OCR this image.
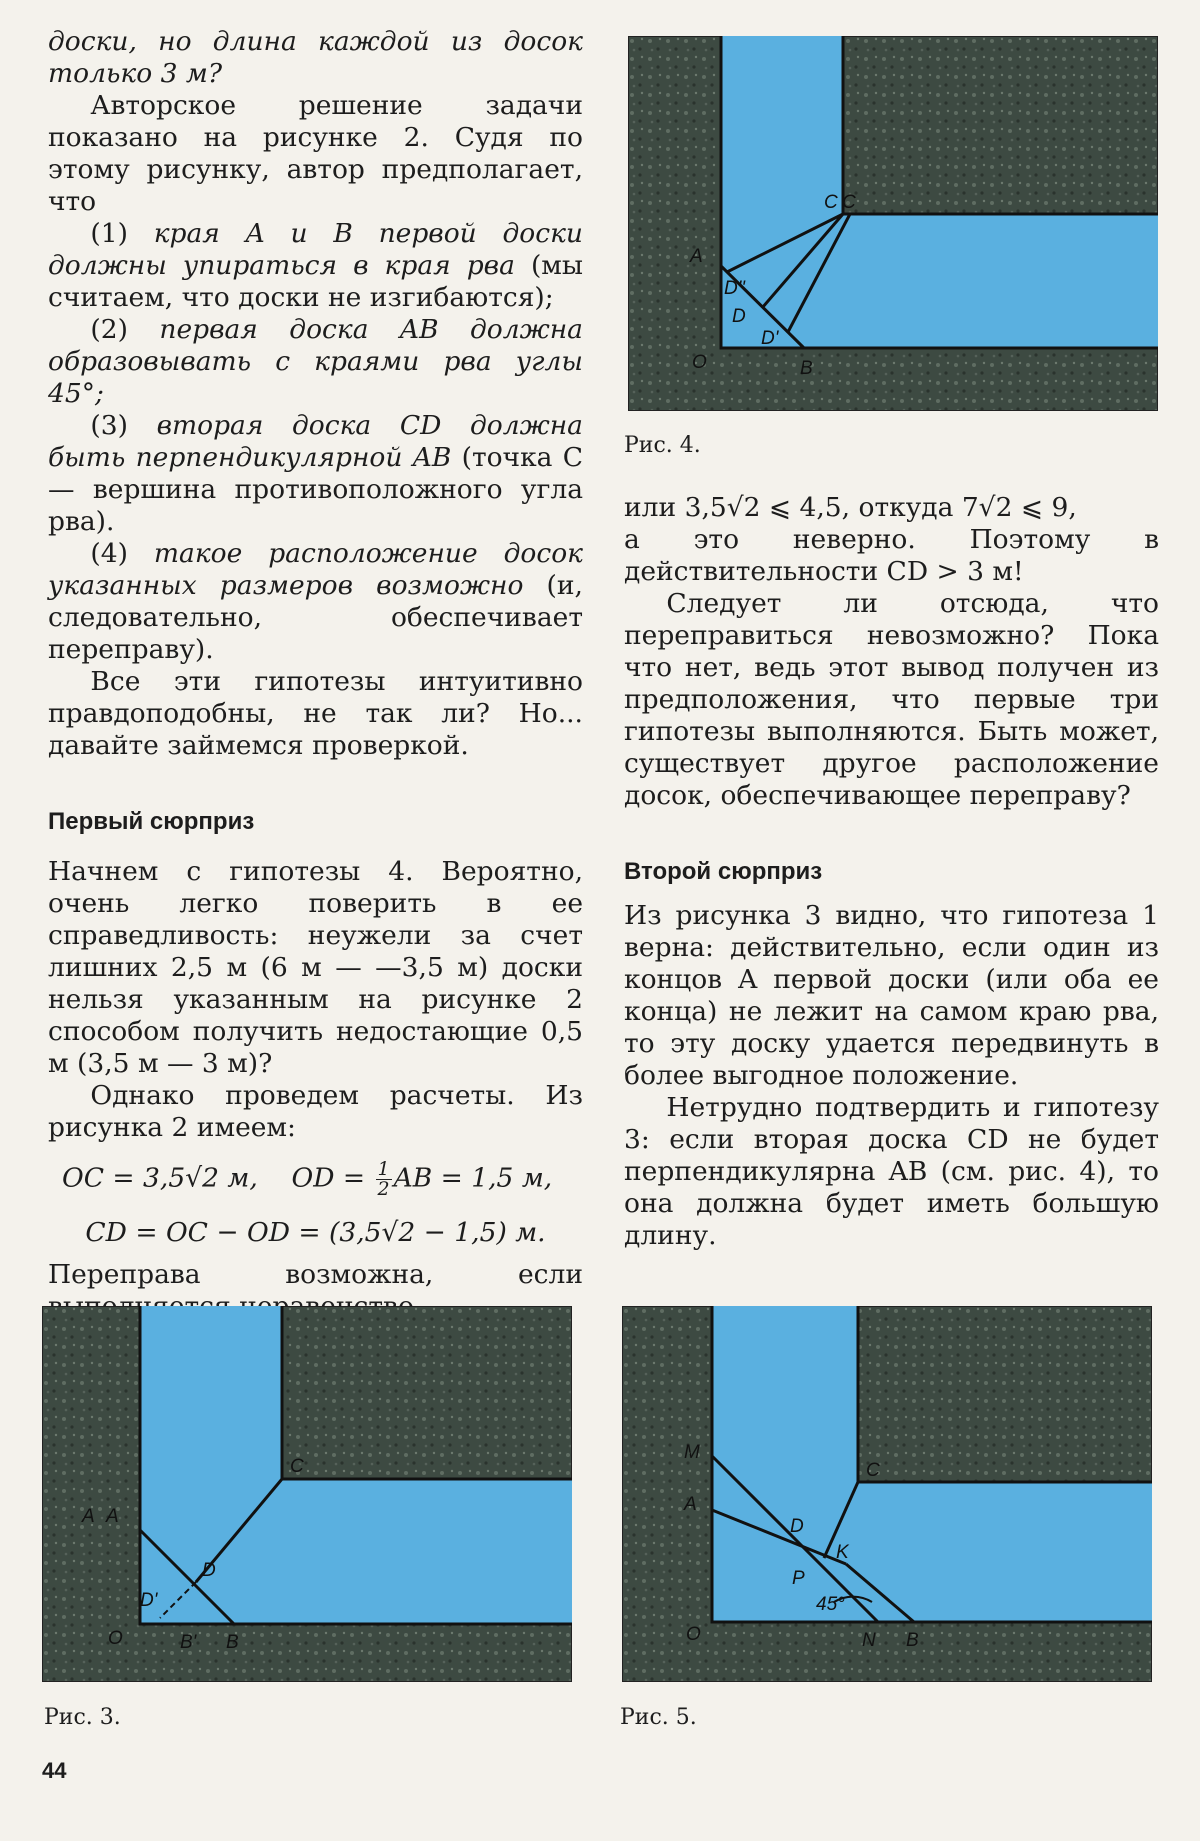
доски, но длина каждой из досок только 3 м?

Авторское решение задачи показано на рисунке 2. Судя по этому рисунку, автор предполагает, что

(1) края A и B первой доски должны упираться в края рва (мы считаем, что доски не изгибаются);

(2) первая доска AB должна образовывать с краями рва углы 45°;

(3) вторая доска CD должна быть перпендикулярной AB (точка C — вершина противоположного угла рва).

(4) такое расположение досок указанных размеров возможно (и, следовательно, обеспечивает переправу).

Все эти гипотезы интуитивно правдоподобны, не так ли? Но... давайте займемся проверкой.

Первый сюрприз

Начнем с гипотезы 4. Вероятно, очень легко поверить в ее справедливость: неужели за счет лишних 2,5 м (6 м — —3,5 м) доски нельзя указанным на рисунке 2 способом получить недостающие 0,5 м (3,5 м — 3 м)?

Однако проведем расчеты. Из рисунка 2 имеем:

OC = 3,5√2 м, OD = $\frac{1}{2}$ AB = 1,5 м,

CD = OC − OD = (3,5√2 − 1,5) м.

Переправа возможна, если

или 3,5√2 ⩽ 4,5, откуда 7√2 ⩽ 9,

а это неверно. Поэтому в действительности CD > 3 м!

Следует ли отсюда, что переправиться невозможно? Пока что нет, ведь этот вывод получен из предположения, что первые три гипотезы выполняются. Быть может, существует другое расположение досок, обеспечивающее переправу?

Второй сюрприз

Из рисунка 3 видно, что гипотеза 1 верна: действительно, если один из концов A первой доски (или оба ее конца) не лежит на самом краю рва, то эту доску удается передвинуть в более выгодное положение.

Нетрудно подтвердить и гипотезу 3: если вторая доска CD не будет перпендикулярна AB (см. рис. 4), то она должна будет иметь большую длину.

C C
A
D''
D
D'
O	B
Рис. 4.
A A
C
D
D'
O	B' B
Рис. 3.
M
A
C
D
K
P
45°
O	N B
Рис. 5.
44
